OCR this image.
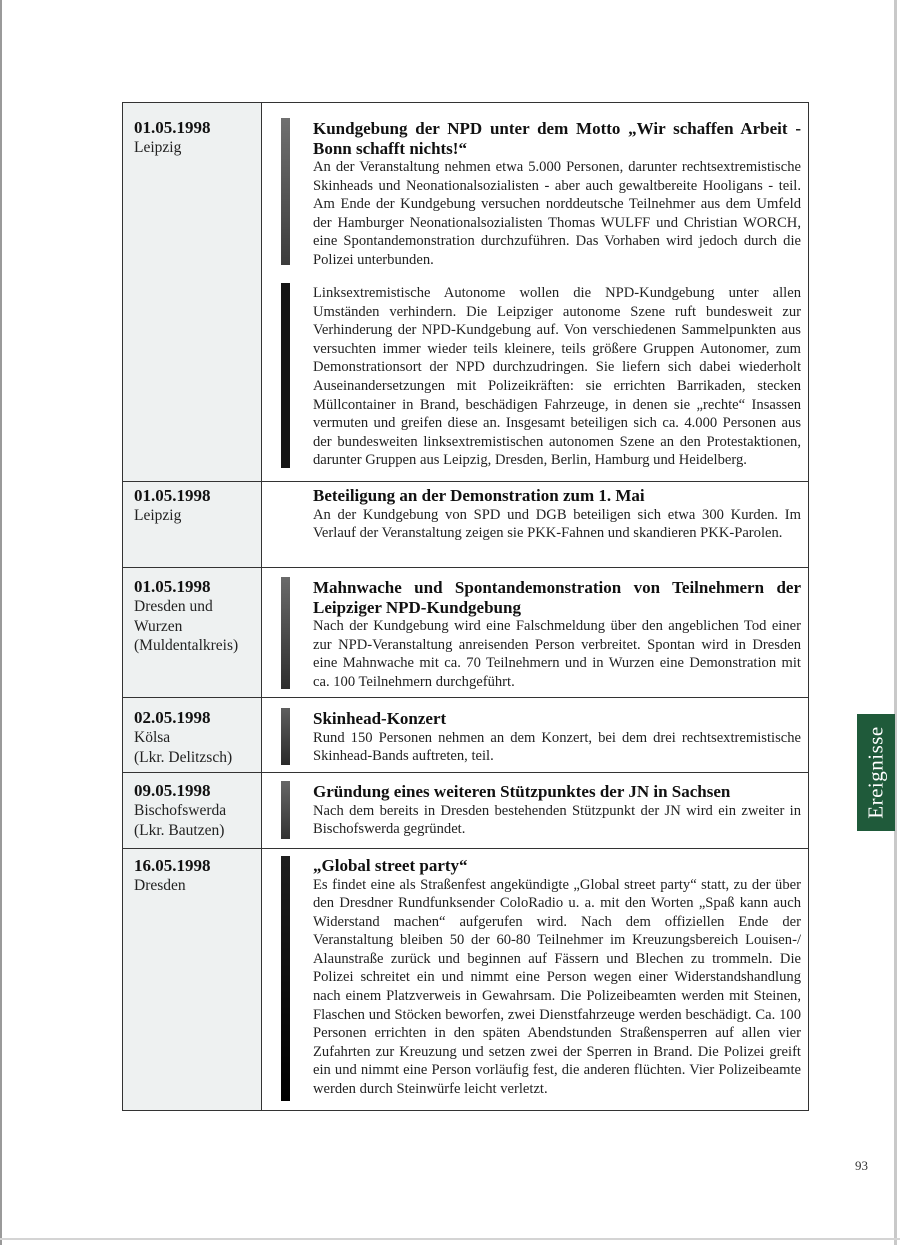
01.05.1998
Leipzig
Kundgebung der NPD unter dem Motto „Wir schaffen Arbeit - Bonn schafft nichts!“

An der Veranstaltung nehmen etwa 5.000 Personen, darunter rechtsextremistische Skinheads und Neonationalsozialisten - aber auch gewaltbereite Hooligans - teil. Am Ende der Kundgebung versuchen norddeutsche Teilnehmer aus dem Umfeld der Hamburger Neonationalsozialisten Thomas WULFF und Christian WORCH, eine Spontandemonstration durchzuführen. Das Vorhaben wird jedoch durch die Polizei unterbunden.

Linksextremistische Autonome wollen die NPD-Kundgebung unter allen Umständen verhindern. Die Leipziger autonome Szene ruft bundesweit zur Verhinderung der NPD-Kundgebung auf. Von verschiedenen Sammelpunkten aus versuchten immer wieder teils kleinere, teils größere Gruppen Autonomer, zum Demonstrationsort der NPD durchzudringen. Sie liefern sich dabei wiederholt Auseinandersetzungen mit Polizeikräften: sie errichten Barrikaden, stecken Müllcontainer in Brand, beschädigen Fahrzeuge, in denen sie „rechte“ Insassen vermuten und greifen diese an. Insgesamt beteiligen sich ca. 4.000 Personen aus der bundesweiten linksextremistischen autonomen Szene an den Protestaktionen, darunter Gruppen aus Leipzig, Dresden, Berlin, Hamburg und Heidelberg.

01.05.1998
Leipzig
Beteiligung an der Demonstration zum 1. Mai

An der Kundgebung von SPD und DGB beteiligen sich etwa 300 Kurden. Im Verlauf der Veranstaltung zeigen sie PKK-Fahnen und skandieren PKK-Parolen.

01.05.1998
Dresden und
Wurzen
(Muldentalkreis)
Mahnwache und Spontandemonstration von Teilnehmern der Leipziger NPD-Kundgebung

Nach der Kundgebung wird eine Falschmeldung über den angeblichen Tod einer zur NPD-Veranstaltung anreisenden Person verbreitet. Spontan wird in Dresden eine Mahnwache mit ca. 70 Teilnehmern und in Wurzen eine Demonstration mit ca. 100 Teilnehmern durchgeführt.

02.05.1998
Kölsa
(Lkr. Delitzsch)
Skinhead-Konzert

Rund 150 Personen nehmen an dem Konzert, bei dem drei rechtsextremistische Skinhead-Bands auftreten, teil.

09.05.1998
Bischofswerda
(Lkr. Bautzen)
Gründung eines weiteren Stützpunktes der JN in Sachsen

Nach dem bereits in Dresden bestehenden Stützpunkt der JN wird ein zweiter in Bischofswerda gegründet.

16.05.1998
Dresden
„Global street party“

Es findet eine als Straßenfest angekündigte „Global street party“ statt, zu der über den Dresdner Rundfunksender ColoRadio u. a. mit den Worten „Spaß kann auch Widerstand machen“ aufgerufen wird. Nach dem offiziellen Ende der Veranstaltung bleiben 50 der 60-80 Teilnehmer im Kreuzungsbereich Louisen-/ Alaunstraße zurück und beginnen auf Fässern und Blechen zu trommeln. Die Polizei schreitet ein und nimmt eine Person wegen einer Widerstandshandlung nach einem Platzverweis in Gewahrsam. Die Polizeibeamten werden mit Steinen, Flaschen und Stöcken beworfen, zwei Dienstfahrzeuge werden beschädigt. Ca. 100 Personen errichten in den späten Abendstunden Straßensperren auf allen vier Zufahrten zur Kreuzung und setzen zwei der Sperren in Brand. Die Polizei greift ein und nimmt eine Person vorläufig fest, die anderen flüchten. Vier Polizeibeamte werden durch Steinwürfe leicht verletzt.

Ereignisse
93
